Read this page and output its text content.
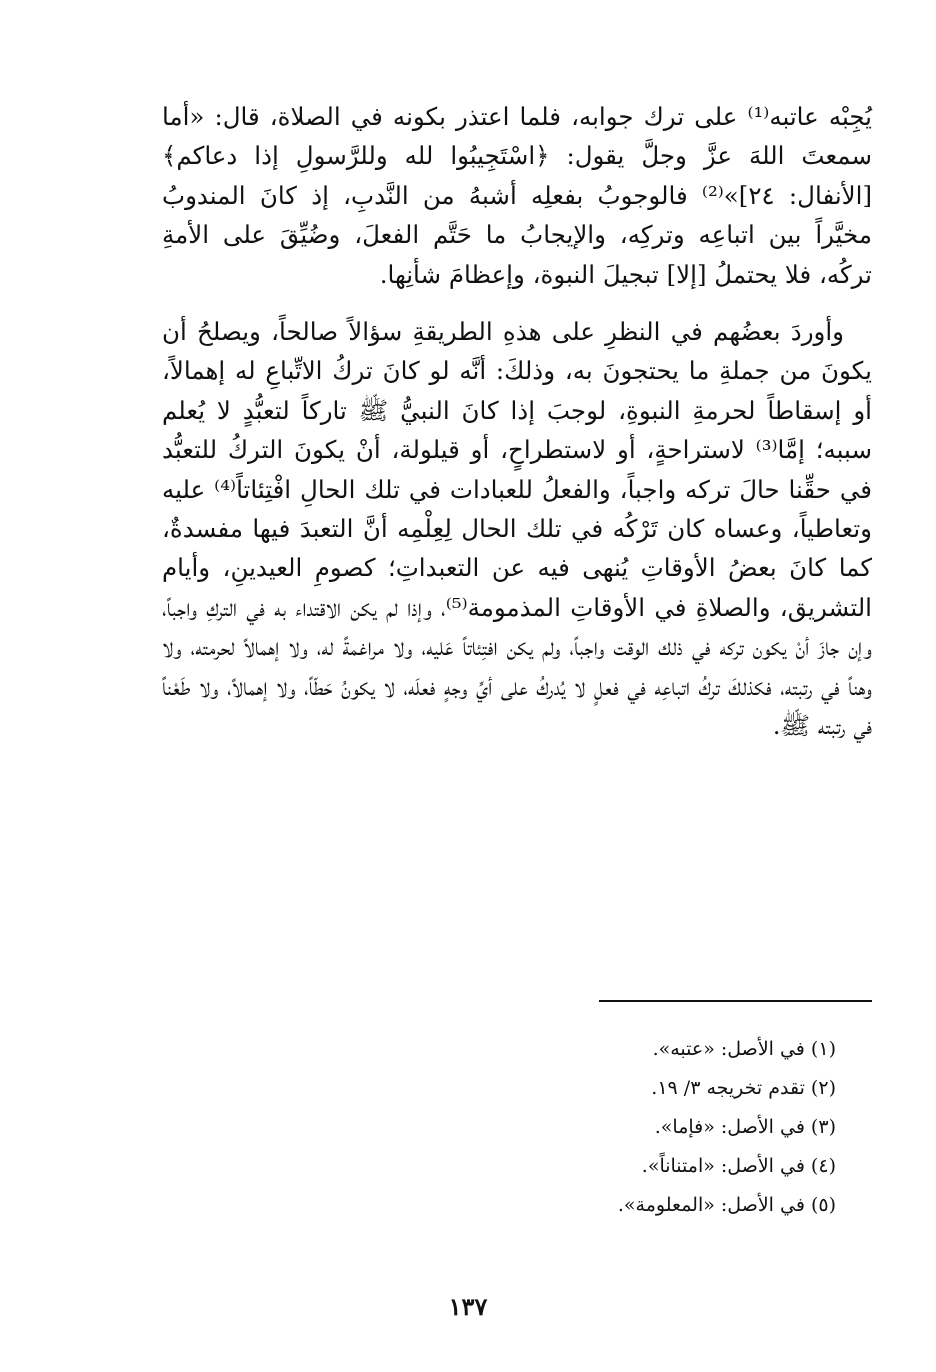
يُجِبْه عاتبه⁽¹⁾ على ترك جوابه، فلما اعتذر بكونه في الصلاة، قال: «أما سمعتَ اللهَ عزَّ وجلَّ يقول: ﴿اسْتَجِيبُوا لله وللرَّسولِ إذا دعاكم﴾ [الأنفال: ٢٤]»⁽²⁾ فالوجوبُ بفعلِه أشبهُ من النَّدبِ، إذ كانَ المندوبُ مخيَّراً بين اتباعِه وتركِه، والإيجابُ ما حَتَّم الفعلَ، وضُيِّقَ على الأمةِ تركُه، فلا يحتملُ [إلا] تبجيلَ النبوة، وإعظامَ شأنِها.

وأوردَ بعضُهم في النظرِ على هذهِ الطريقةِ سؤالاً صالحاً، ويصلحُ أن يكونَ من جملةِ ما يحتجونَ به، وذلكَ: أنَّه لو كانَ تركُ الاتِّباعِ له إهمالاً، أو إسقاطاً لحرمةِ النبوةِ، لوجبَ إذا كانَ النبيُّ ﷺ تاركاً لتعبُّدٍ لا يُعلم سببه؛ إمَّا⁽³⁾ لاستراحةٍ، أو لاستطراحٍ، أو قيلولة، أنْ يكونَ التركُ للتعبُّد في حقِّنا حالَ تركه واجباً، والفعلُ للعبادات في تلك الحالِ افْتِئاتاً⁽⁴⁾ عليه وتعاطياً، وعساه كان تَرْكُه في تلك الحال لِعِلْمِه أنَّ التعبدَ فيها مفسدةٌ، كما كانَ بعضُ الأوقاتِ يُنهى فيه عن التعبداتِ؛ كصومِ العيدينِ، وأيام التشريق، والصلاةِ في الأوقاتِ المذمومة⁽⁵⁾، وإذا لم يكن الاقتداء به في التركِ واجباً، وإن جازَ أنْ يكون تركه في ذلك الوقت واجباً، ولم يكن افتِئاتاً عَليه، ولا مراغمةً له، ولا إهمالاً لحرمته، ولا وهناً في رتبته، فكذلكَ تركُ اتباعِه في فعلٍ لا يُدركُ على أيِّ وجهٍ فعلَه، لا يكونُ حَطّاً، ولا إهمالاً، ولا طَعْناً في رتبته ﷺ.

(١) في الأصل: «عتبه».
(٢) تقدم تخريجه ٣/ ١٩.
(٣) في الأصل: «فإما».
(٤) في الأصل: «امتناناً».
(٥) في الأصل: «المعلومة».
١٣٧
